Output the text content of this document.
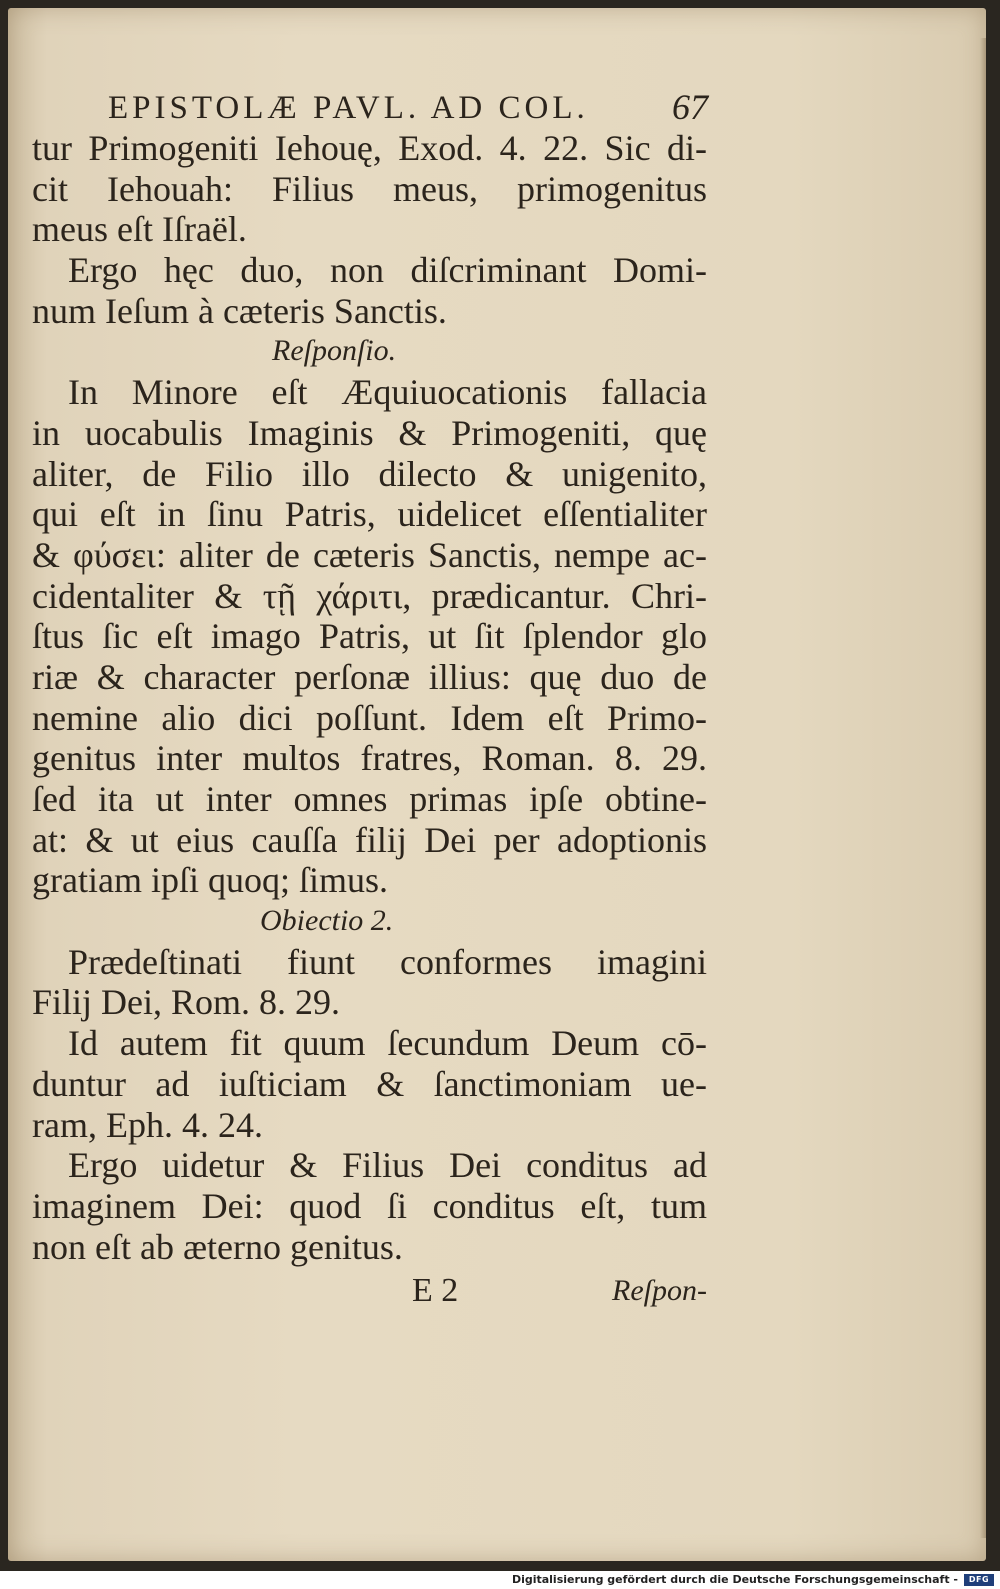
EPISTOLÆ PAVL. AD COL. 67
tur Primogeniti Iehouę, Exod. 4. 22. Sic di-
cit Iehouah: Filius meus, primogenitus
meus eſt Iſraël.
Ergo hęc duo, non diſcriminant Domi-
num Ieſum à cæteris Sanctis.
Reſponſio.
In Minore eſt Æquiuocationis fallacia
in uocabulis Imaginis & Primogeniti, quę
aliter, de Filio illo dilecto & unigenito,
qui eſt in ſinu Patris, uidelicet eſſentialiter
& φύσει: aliter de cæteris Sanctis, nempe ac-
cidentaliter & τῇ χάριτι, prædicantur. Chri-
ſtus ſic eſt imago Patris, ut ſit ſplendor glo
riæ & character perſonæ illius: quę duo de
nemine alio dici poſſunt. Idem eſt Primo-
genitus inter multos fratres, Roman. 8. 29.
ſed ita ut inter omnes primas ipſe obtine-
at: & ut eius cauſſa filij Dei per adoptionis
gratiam ipſi quoq; ſimus.
Obiectio 2.
Prædeſtinati fiunt conformes imagini
Filij Dei, Rom. 8. 29.
Id autem fit quum ſecundum Deum cō-
duntur ad iuſticiam & ſanctimoniam ue-
ram, Eph. 4. 24.
Ergo uidetur & Filius Dei conditus ad
imaginem Dei: quod ſi conditus eſt, tum
non eſt ab æterno genitus.
E 2	Reſpon-
Digitalisierung gefördert durch die Deutsche Forschungsgemeinschaft -	DFG
